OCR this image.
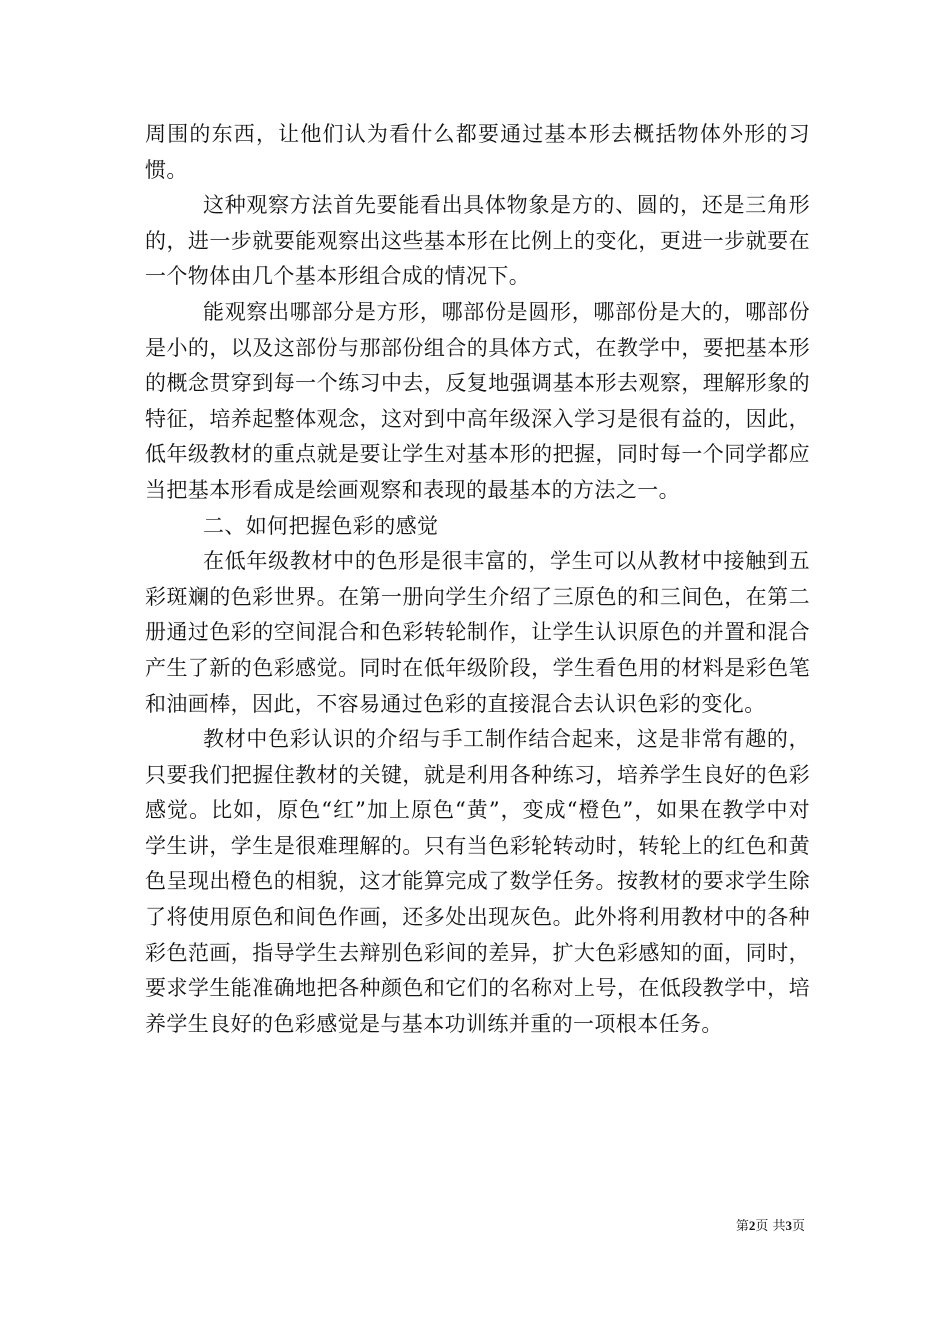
周围的东西，让他们认为看什么都要通过基本形去概括物体外形的习惯。

这种观察方法首先要能看出具体物象是方的、圆的，还是三角形的，进一步就要能观察出这些基本形在比例上的变化，更进一步就要在一个物体由几个基本形组合成的情况下。

能观察出哪部分是方形，哪部份是圆形，哪部份是大的，哪部份是小的，以及这部份与那部份组合的具体方式，在教学中，要把基本形的概念贯穿到每一个练习中去，反复地强调基本形去观察，理解形象的特征，培养起整体观念，这对到中高年级深入学习是很有益的，因此，低年级教材的重点就是要让学生对基本形的把握，同时每一个同学都应当把基本形看成是绘画观察和表现的最基本的方法之一。

二、如何把握色彩的感觉

在低年级教材中的色形是很丰富的，学生可以从教材中接触到五彩斑斓的色彩世界。在第一册向学生介绍了三原色的和三间色，在第二册通过色彩的空间混合和色彩转轮制作，让学生认识原色的并置和混合产生了新的色彩感觉。同时在低年级阶段，学生看色用的材料是彩色笔和油画棒，因此，不容易通过色彩的直接混合去认识色彩的变化。

教材中色彩认识的介绍与手工制作结合起来，这是非常有趣的，只要我们把握住教材的关键，就是利用各种练习，培养学生良好的色彩感觉。比如，原色“红”加上原色“黄”，变成“橙色”，如果在教学中对学生讲，学生是很难理解的。只有当色彩轮转动时，转轮上的红色和黄色呈现出橙色的相貌，这才能算完成了数学任务。按教材的要求学生除了将使用原色和间色作画，还多处出现灰色。此外将利用教材中的各种彩色范画，指导学生去辩别色彩间的差异，扩大色彩感知的面，同时，要求学生能准确地把各种颜色和它们的名称对上号，在低段教学中，培养学生良好的色彩感觉是与基本功训练并重的一项根本任务。

第2页 共3页
